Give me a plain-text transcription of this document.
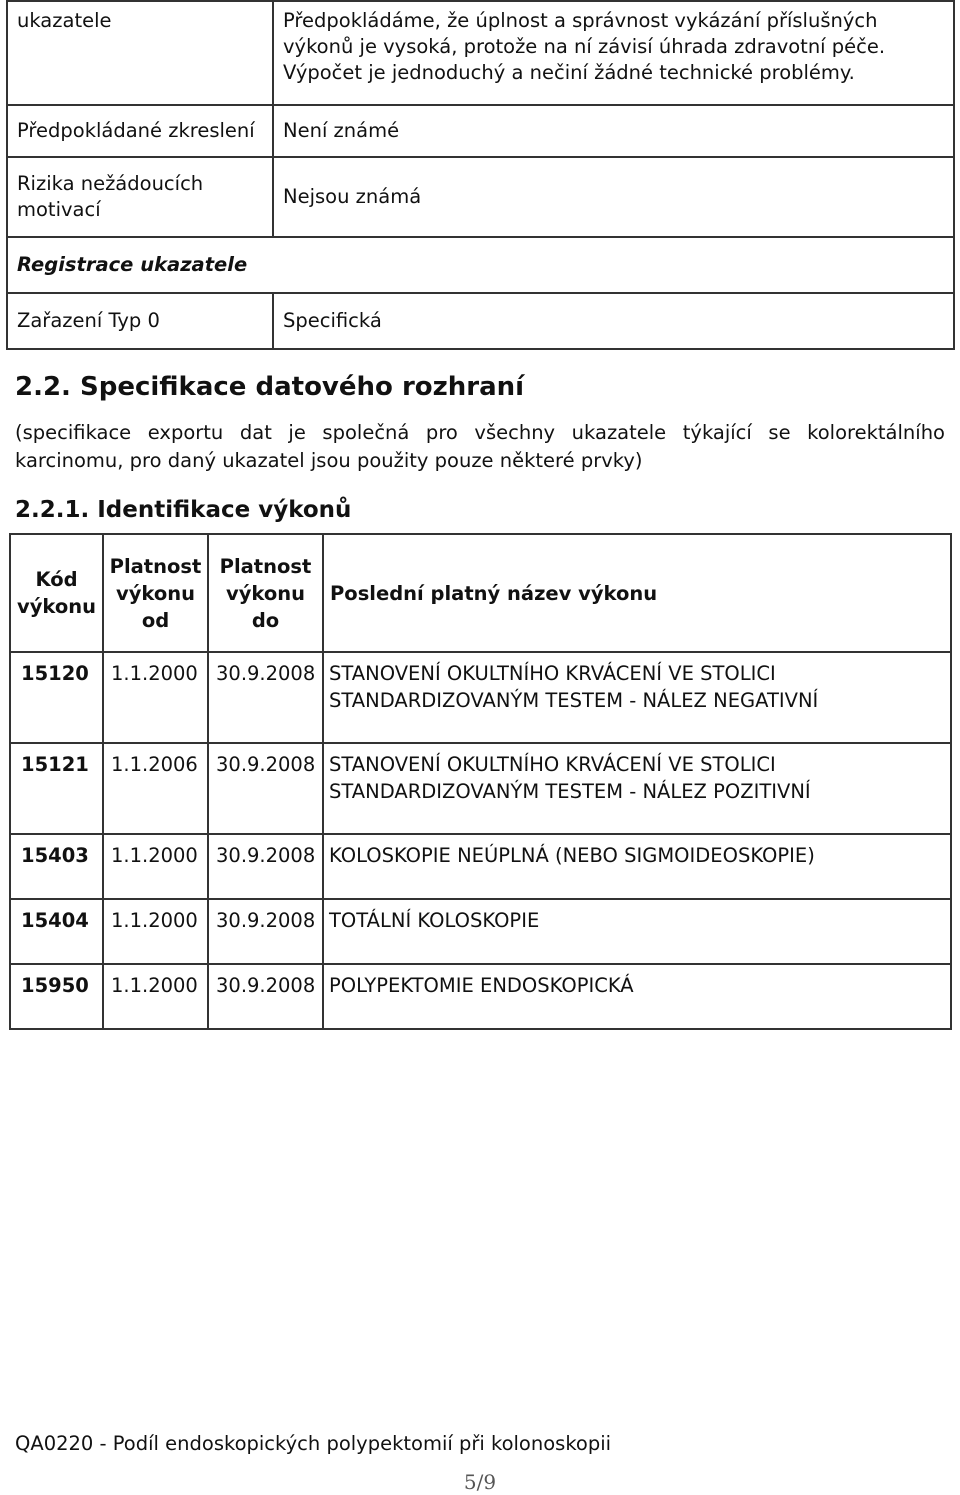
ukazatele	Předpokládáme, že úplnost a správnost vykázání příslušných výkonů je vysoká, protože na ní závisí úhrada zdravotní péče. Výpočet je jednoduchý a nečiní žádné technické problémy.
Předpokládané zkreslení	Není známé
Rizika nežádoucích motivací	Nejsou známá
Registrace ukazatele	
Zařazení Typ 0	Specifická
2.2. Specifikace datového rozhraní
(specifikace exportu dat je společná pro všechny ukazatele týkající se kolorektálního karcinomu, pro daný ukazatel jsou použity pouze některé prvky)
2.2.1. Identifikace výkonů
Kód výkonu	Platnost výkonu od	Platnost výkonu do	Poslední platný název výkonu
15120	1.1.2000	30.9.2008	STANOVENÍ OKULTNÍHO KRVÁCENÍ VE STOLICI STANDARDIZOVANÝM TESTEM - NÁLEZ NEGATIVNÍ
15121	1.1.2006	30.9.2008	STANOVENÍ OKULTNÍHO KRVÁCENÍ VE STOLICI STANDARDIZOVANÝM TESTEM - NÁLEZ POZITIVNÍ
15403	1.1.2000	30.9.2008	KOLOSKOPIE NEÚPLNÁ (NEBO SIGMOIDEOSKOPIE)
15404	1.1.2000	30.9.2008	TOTÁLNÍ KOLOSKOPIE
15950	1.1.2000	30.9.2008	POLYPEKTOMIE ENDOSKOPICKÁ
QA0220 - Podíl endoskopických polypektomií při kolonoskopii
5/9
